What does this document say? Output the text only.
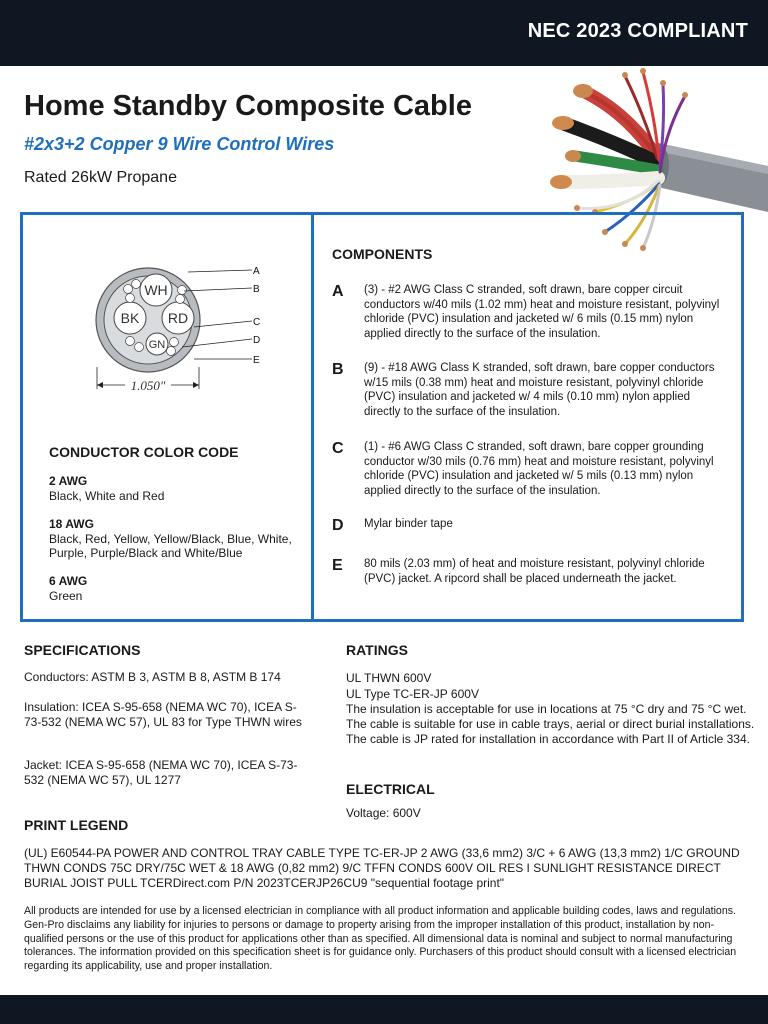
NEC 2023 COMPLIANT
Home Standby Composite Cable
#2x3+2 Copper 9 Wire Control Wires
Rated 26kW Propane
WH
BK RD
GN
A
B
C
D
E
1.050"
CONDUCTOR COLOR CODE
2 AWG
Black, White and Red
18 AWG
Black, Red, Yellow, Yellow/Black, Blue, White, Purple, Purple/Black and White/Blue
6 AWG
Green
COMPONENTS
A (3) - #2 AWG Class C stranded, soft drawn, bare copper circuit conductors w/40 mils (1.02 mm) heat and moisture resistant, polyvinyl chloride (PVC) insulation and jacketed w/ 6 mils (0.15 mm) nylon applied directly to the surface of the insulation.
B (9) - #18 AWG Class K stranded, soft drawn, bare copper conductors w/15 mils (0.38 mm) heat and moisture resistant, polyvinyl chloride (PVC) insulation and jacketed w/ 4 mils (0.10 mm) nylon applied directly to the surface of the insulation.
C (1) - #6 AWG Class C stranded, soft drawn, bare copper grounding conductor w/30 mils (0.76 mm) heat and moisture resistant, polyvinyl chloride (PVC) insulation and jacketed w/ 5 mils (0.13 mm) nylon applied directly to the surface of the insulation.
D Mylar binder tape
E 80 mils (2.03 mm) of heat and moisture resistant, polyvinyl chloride (PVC) jacket. A ripcord shall be placed underneath the jacket.
SPECIFICATIONS
Conductors: ASTM B 3, ASTM B 8, ASTM B 174
Insulation: ICEA S-95-658 (NEMA WC 70), ICEA S-73-532 (NEMA WC 57), UL 83 for Type THWN wires
Jacket: ICEA S-95-658 (NEMA WC 70), ICEA S-73-532 (NEMA WC 57), UL 1277
RATINGS
UL THWN 600V
UL Type TC-ER-JP 600V
The insulation is acceptable for use in locations at 75 °C dry and 75 °C wet. The cable is suitable for use in cable trays, aerial or direct burial installations. The cable is JP rated for installation in accordance with Part II of Article 334.
ELECTRICAL
Voltage: 600V
PRINT LEGEND
(UL) E60544-PA POWER AND CONTROL TRAY CABLE TYPE TC-ER-JP 2 AWG (33,6 mm2) 3/C + 6 AWG (13,3 mm2) 1/C GROUND THWN CONDS 75C DRY/75C WET & 18 AWG (0,82 mm2) 9/C TFFN CONDS 600V OIL RES I SUNLIGHT RESISTANCE DIRECT BURIAL JOIST PULL TCERDirect.com P/N 2023TCERJP26CU9 "sequential footage print"
All products are intended for use by a licensed electrician in compliance with all product information and applicable building codes, laws and regulations. Gen-Pro disclaims any liability for injuries to persons or damage to property arising from the improper installation of this product, installation by non-qualified persons or the use of this product for applications other than as specified. All dimensional data is nominal and subject to normal manufacturing tolerances. The information provided on this specification sheet is for guidance only. Purchasers of this product should consult with a licensed electrician regarding its applicability, use and proper installation.
